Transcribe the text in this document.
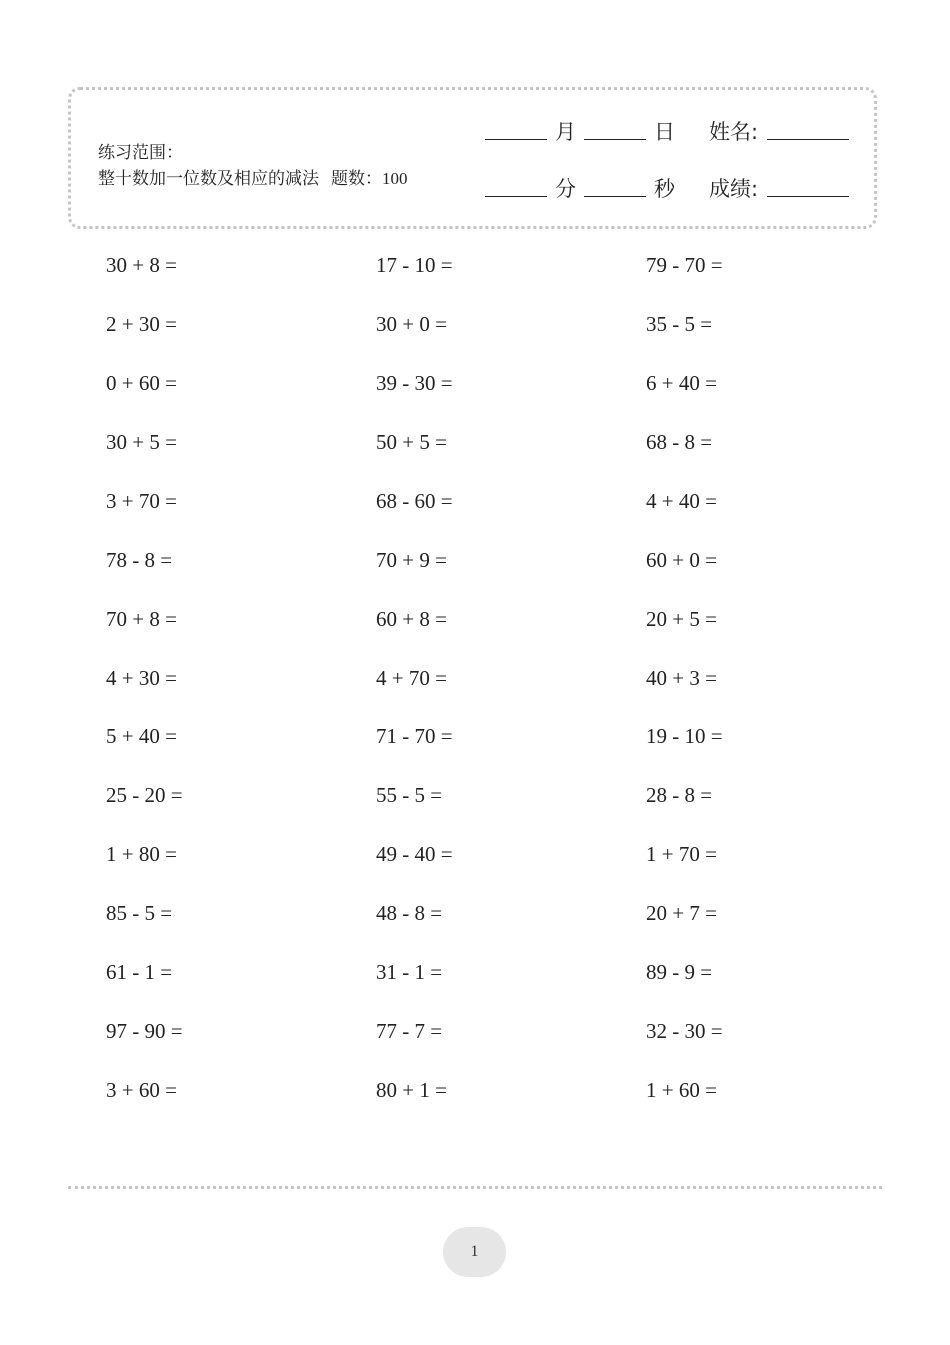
练习范围：
整十数加一位数及相应的减法 题数：100
月	日 姓名:
分	秒 成绩:
30 + 8 =	17 - 10 =	79 - 70 =
2 + 30 =	30 + 0 =	35 - 5 =
0 + 60 =	39 - 30 =	6 + 40 =
30 + 5 =	50 + 5 =	68 - 8 =
3 + 70 =	68 - 60 =	4 + 40 =
78 - 8 =	70 + 9 =	60 + 0 =
70 + 8 =	60 + 8 =	20 + 5 =
4 + 30 =	4 + 70 =	40 + 3 =
5 + 40 =	71 - 70 =	19 - 10 =
25 - 20 =	55 - 5 =	28 - 8 =
1 + 80 =	49 - 40 =	1 + 70 =
85 - 5 =	48 - 8 =	20 + 7 =
61 - 1 =	31 - 1 =	89 - 9 =
97 - 90 =	77 - 7 =	32 - 30 =
3 + 60 =	80 + 1 =	1 + 60 =
1
